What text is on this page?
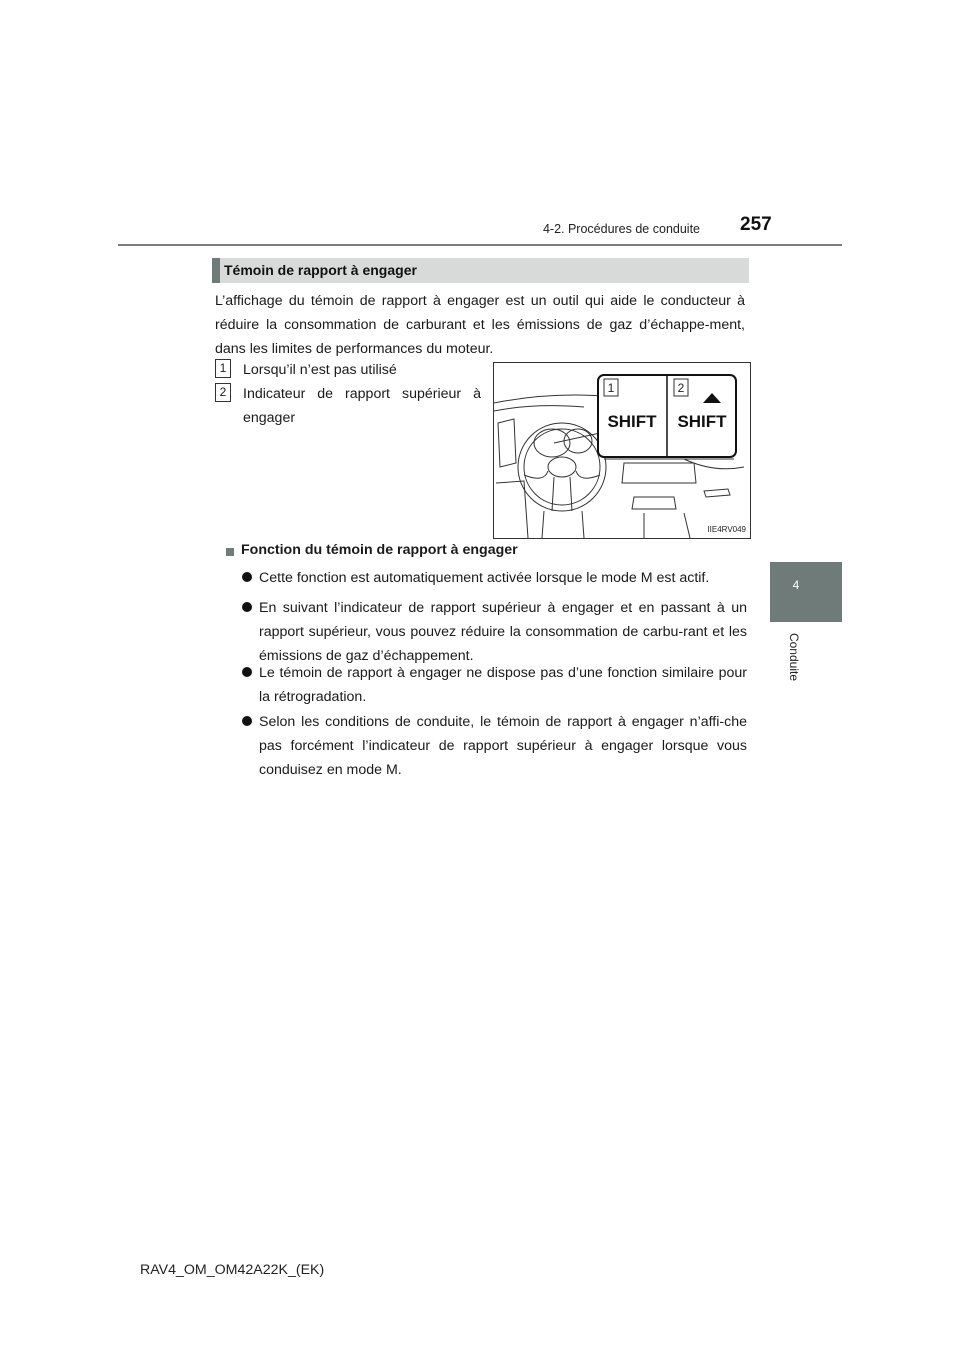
4-2. Procédures de conduite 257
4
Conduite
Témoin de rapport à engager
L’affichage du témoin de rapport à engager est un outil qui aide le conducteur à réduire la consommation de carburant et les émissions de gaz d’échappe-ment, dans les limites de performances du moteur.
1	Lorsqu’il n’est pas utilisé
2	Indicateur de rapport supérieur à engager
1	2
SHIFT SHIFT
IIE4RV049
Fonction du témoin de rapport à engager
Cette fonction est automatiquement activée lorsque le mode M est actif.
En suivant l’indicateur de rapport supérieur à engager et en passant à un rapport supérieur, vous pouvez réduire la consommation de carbu-rant et les émissions de gaz d’échappement.
Le témoin de rapport à engager ne dispose pas d’une fonction similaire pour la rétrogradation.
Selon les conditions de conduite, le témoin de rapport à engager n’affi-che pas forcément l’indicateur de rapport supérieur à engager lorsque vous conduisez en mode M.
RAV4_OM_OM42A22K_(EK)
